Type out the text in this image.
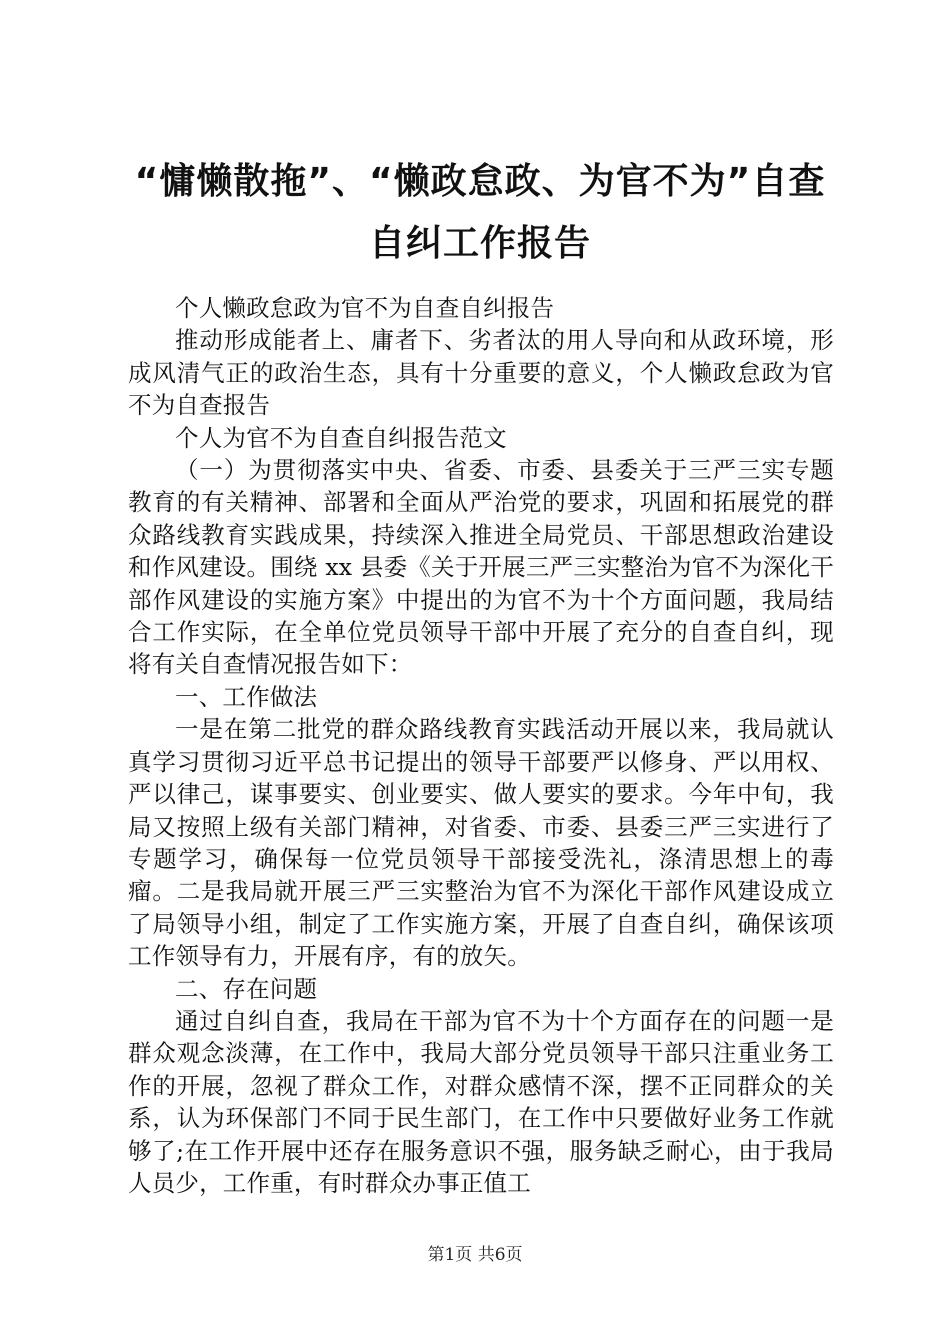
“慵懒散拖”、“懒政怠政、为官不为”自查
自纠工作报告

个人懒政怠政为官不为自查自纠报告

推动形成能者上、庸者下、劣者汰的用人导向和从政环境，形成风清气正的政治生态，具有十分重要的意义，个人懒政怠政为官不为自查报告

个人为官不为自查自纠报告范文

（一）为贯彻落实中央、省委、市委、县委关于三严三实专题教育的有关精神、部署和全面从严治党的要求，巩固和拓展党的群众路线教育实践成果，持续深入推进全局党员、干部思想政治建设和作风建设。围绕 xx 县委《关于开展三严三实整治为官不为深化干部作风建设的实施方案》中提出的为官不为十个方面问题，我局结合工作实际，在全单位党员领导干部中开展了充分的自查自纠，现将有关自查情况报告如下：

一、工作做法

一是在第二批党的群众路线教育实践活动开展以来，我局就认真学习贯彻习近平总书记提出的领导干部要严以修身、严以用权、严以律己，谋事要实、创业要实、做人要实的要求。今年中旬，我局又按照上级有关部门精神，对省委、市委、县委三严三实进行了专题学习，确保每一位党员领导干部接受洗礼，涤清思想上的毒瘤。二是我局就开展三严三实整治为官不为深化干部作风建设成立了局领导小组，制定了工作实施方案，开展了自查自纠，确保该项工作领导有力，开展有序，有的放矢。

二、存在问题

通过自纠自查，我局在干部为官不为十个方面存在的问题一是群众观念淡薄，在工作中，我局大部分党员领导干部只注重业务工作的开展，忽视了群众工作，对群众感情不深，摆不正同群众的关系，认为环保部门不同于民生部门，在工作中只要做好业务工作就够了;在工作开展中还存在服务意识不强，服务缺乏耐心，由于我局人员少，工作重，有时群众办事正值工

第1页 共6页
